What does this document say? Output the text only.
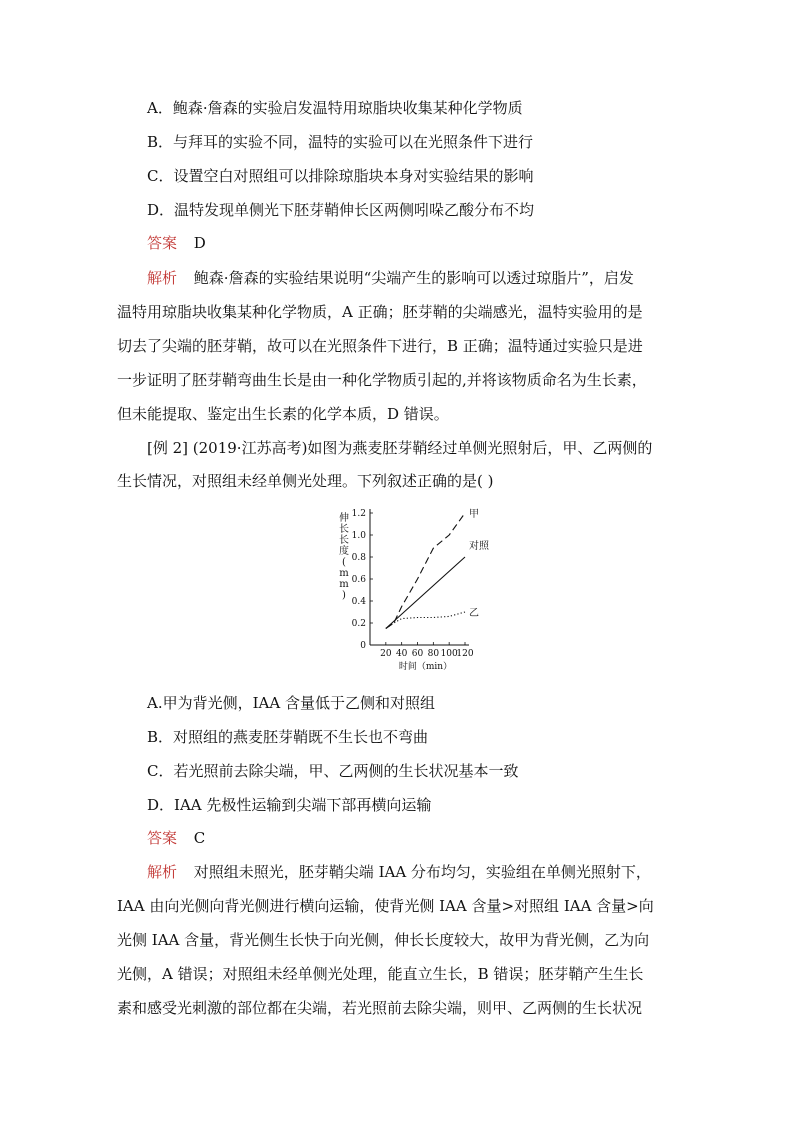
A．鲍森·詹森的实验启发温特用琼脂块收集某种化学物质
B．与拜耳的实验不同，温特的实验可以在光照条件下进行
C．设置空白对照组可以排除琼脂块本身对实验结果的影响
D．温特发现单侧光下胚芽鞘伸长区两侧吲哚乙酸分布不均
答案 D
解析 鲍森·詹森的实验结果说明“尖端产生的影响可以透过琼脂片”，启发
温特用琼脂块收集某种化学物质，A 正确；胚芽鞘的尖端感光，温特实验用的是
切去了尖端的胚芽鞘，故可以在光照条件下进行，B 正确；温特通过实验只是进
一步证明了胚芽鞘弯曲生长是由一种化学物质引起的,并将该物质命名为生长素，
但未能提取、鉴定出生长素的化学本质，D 错误。
[例 2] (2019·江苏高考)如图为燕麦胚芽鞘经过单侧光照射后，甲、乙两侧的
生长情况，对照组未经单侧光处理。下列叙述正确的是( )
0
0.2
0.4
0.6
0.8
1.0
1.2
20 40 60 80 100
120
时间（min）
伸
长
长
度
(
m
m
)
甲
对照
乙
A.甲为背光侧，IAA 含量低于乙侧和对照组
B．对照组的燕麦胚芽鞘既不生长也不弯曲
C．若光照前去除尖端，甲、乙两侧的生长状况基本一致
D．IAA 先极性运输到尖端下部再横向运输
答案 C
解析 对照组未照光，胚芽鞘尖端 IAA 分布均匀，实验组在单侧光照射下，
IAA 由向光侧向背光侧进行横向运输，使背光侧 IAA 含量>对照组 IAA 含量>向
光侧 IAA 含量，背光侧生长快于向光侧，伸长长度较大，故甲为背光侧，乙为向
光侧，A 错误；对照组未经单侧光处理，能直立生长，B 错误；胚芽鞘产生生长
素和感受光刺激的部位都在尖端，若光照前去除尖端，则甲、乙两侧的生长状况
